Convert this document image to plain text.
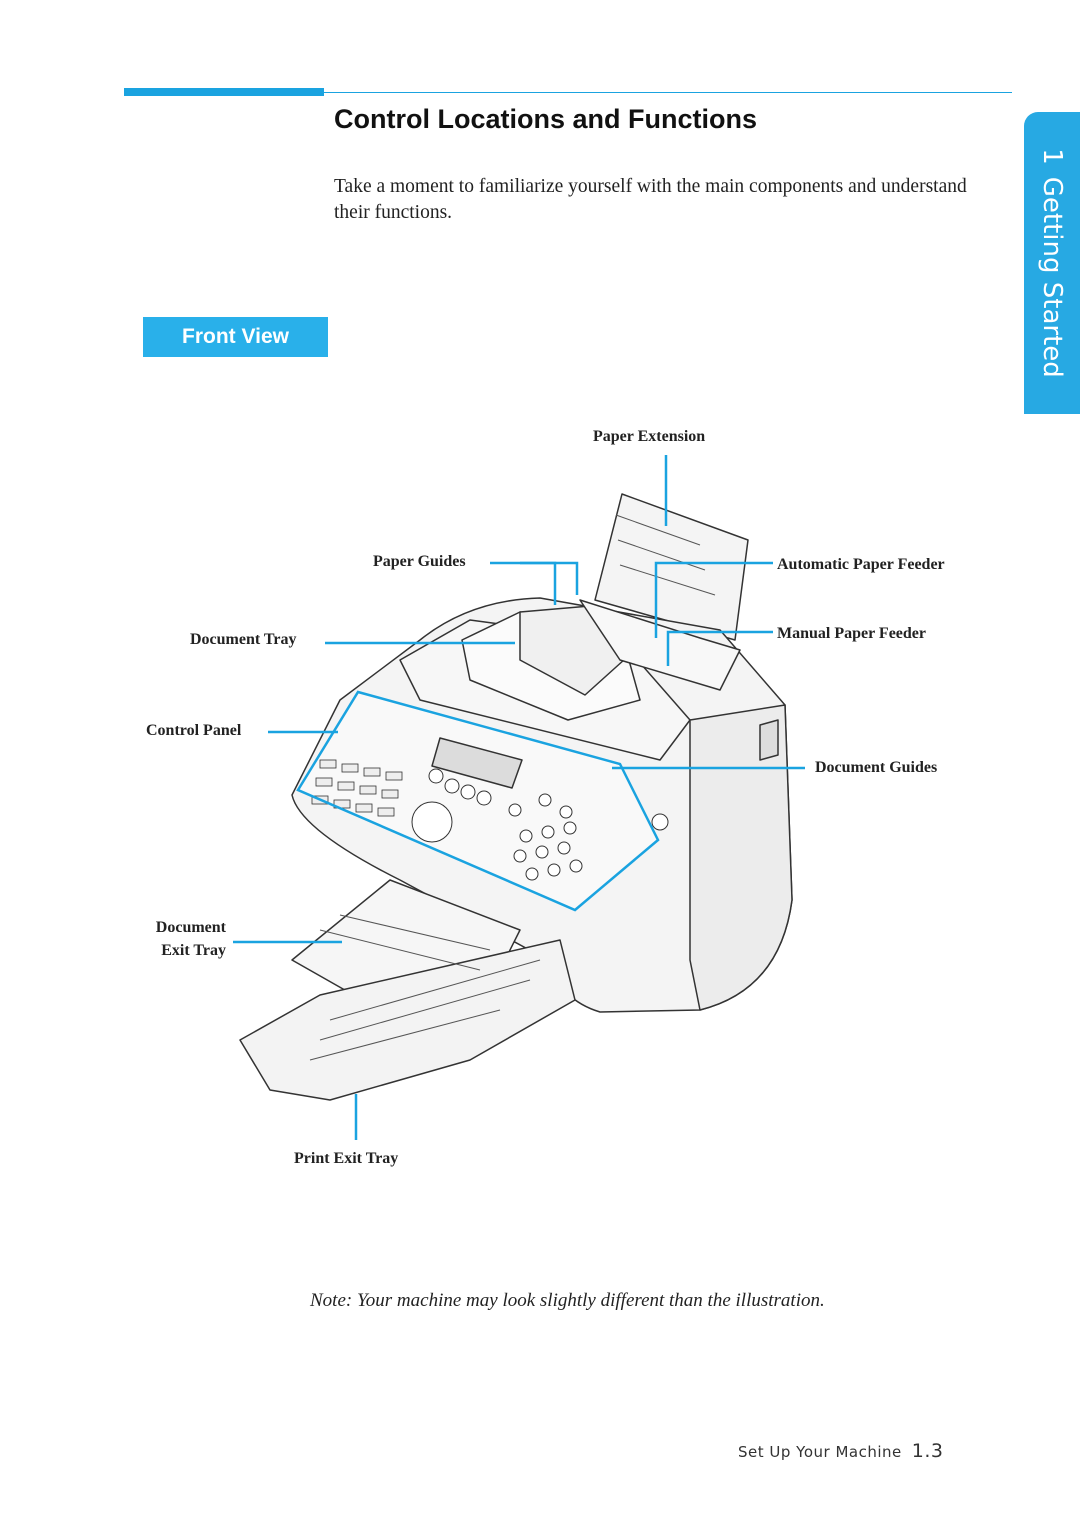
Control Locations and Functions
Take a moment to familiarize yourself with the main components and understand their functions.
Front View
1Getting Started
Paper Extension
Paper Guides	Automatic Paper Feeder
Document Tray	Manual Paper Feeder
Control Panel
Document Guides
Document
Exit Tray
Print Exit Tray
Note: Your machine may look slightly different than the illustration.
Set Up Your Machine 1.3
